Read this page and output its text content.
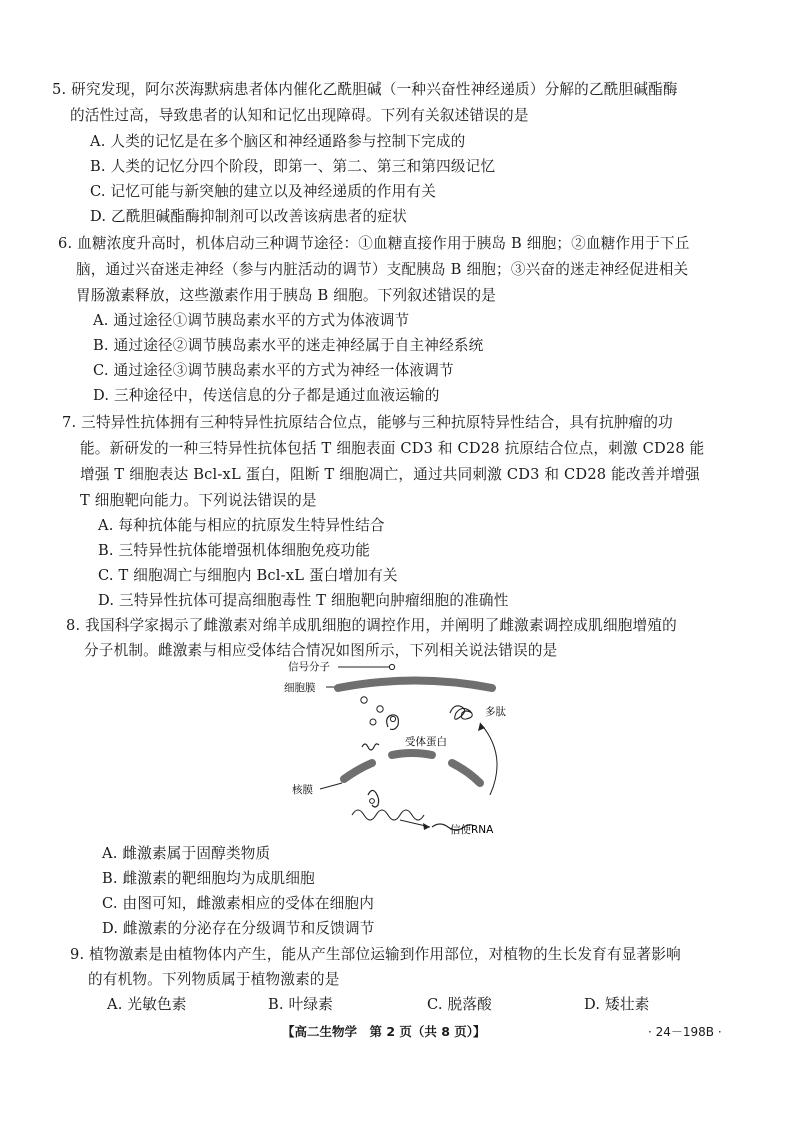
5. 研究发现，阿尔茨海默病患者体内催化乙酰胆碱（一种兴奋性神经递质）分解的乙酰胆碱酯酶
的活性过高，导致患者的认知和记忆出现障碍。下列有关叙述错误的是
A. 人类的记忆是在多个脑区和神经通路参与控制下完成的
B. 人类的记忆分四个阶段，即第一、第二、第三和第四级记忆
C. 记忆可能与新突触的建立以及神经递质的作用有关
D. 乙酰胆碱酯酶抑制剂可以改善该病患者的症状
6. 血糖浓度升高时，机体启动三种调节途径：①血糖直接作用于胰岛 B 细胞；②血糖作用于下丘
脑，通过兴奋迷走神经（参与内脏活动的调节）支配胰岛 B 细胞；③兴奋的迷走神经促进相关
胃肠激素释放，这些激素作用于胰岛 B 细胞。下列叙述错误的是
A. 通过途径①调节胰岛素水平的方式为体液调节
B. 通过途径②调节胰岛素水平的迷走神经属于自主神经系统
C. 通过途径③调节胰岛素水平的方式为神经一体液调节
D. 三种途径中，传送信息的分子都是通过血液运输的
7. 三特异性抗体拥有三种特异性抗原结合位点，能够与三种抗原特异性结合，具有抗肿瘤的功
能。新研发的一种三特异性抗体包括 T 细胞表面 CD3 和 CD28 抗原结合位点，刺激 CD28 能
增强 T 细胞表达 Bcl-xL 蛋白，阻断 T 细胞凋亡，通过共同刺激 CD3 和 CD28 能改善并增强
T 细胞靶向能力。下列说法错误的是
A. 每种抗体能与相应的抗原发生特异性结合
B. 三特异性抗体能增强机体细胞免疫功能
C. T 细胞凋亡与细胞内 Bcl-xL 蛋白增加有关
D. 三特异性抗体可提高细胞毒性 T 细胞靶向肿瘤细胞的准确性
8. 我国科学家揭示了雌激素对绵羊成肌细胞的调控作用，并阐明了雌激素调控成肌细胞增殖的
分子机制。雌激素与相应受体结合情况如图所示，下列相关说法错误的是
信号分子
细胞膜
受体蛋白
核膜
信使RNA
多肽
A. 雌激素属于固醇类物质
B. 雌激素的靶细胞均为成肌细胞
C. 由图可知，雌激素相应的受体在细胞内
D. 雌激素的分泌存在分级调节和反馈调节
9. 植物激素是由植物体内产生，能从产生部位运输到作用部位，对植物的生长发育有显著影响
的有机物。下列物质属于植物激素的是
A. 光敏色素	B. 叶绿素	C. 脱落酸	D. 矮壮素
【高二生物学　第 2 页（共 8 页）】	· 24－198B ·
